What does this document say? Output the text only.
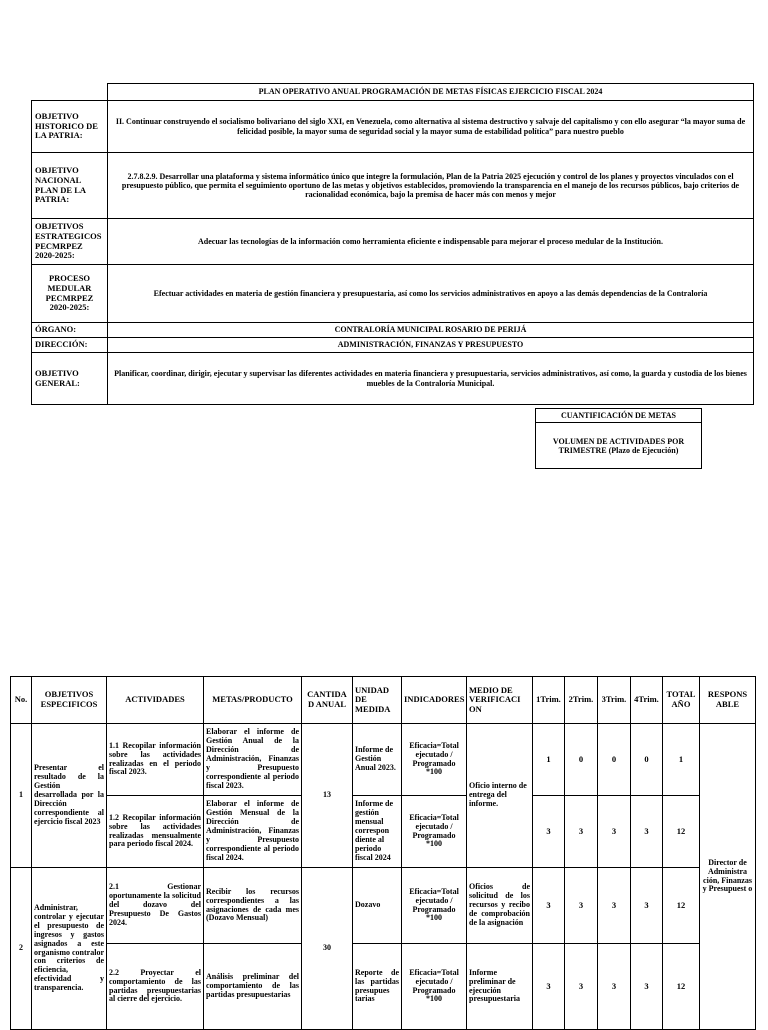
	PLAN OPERATIVO ANUAL PROGRAMACIÓN DE METAS FÍSICAS EJERCICIO FISCAL 2024
OBJETIVO HISTORICO DE LA PATRIA:	II. Continuar construyendo el socialismo bolivariano del siglo XXI, en Venezuela, como alternativa al sistema destructivo y salvaje del capitalismo y con ello asegurar “la mayor suma de felicidad posible, la mayor suma de seguridad social y la mayor suma de estabilidad política” para nuestro pueblo
OBJETIVO NACIONAL PLAN DE LA PATRIA:	2.7.8.2.9. Desarrollar una plataforma y sistema informático único que integre la formulación, Plan de la Patria 2025 ejecución y control de los planes y proyectos vinculados con el presupuesto público, que permita el seguimiento oportuno de las metas y objetivos establecidos, promoviendo la transparencia en el manejo de los recursos públicos, bajo criterios de racionalidad económica, bajo la premisa de hacer más con menos y mejor
OBJETIVOS ESTRATEGICOS PECMRPEZ 2020-2025:	Adecuar las tecnologías de la información como herramienta eficiente e indispensable para mejorar el proceso medular de la Institución.
PROCESO MEDULAR PECMRPEZ 2020-2025:	Efectuar actividades en materia de gestión financiera y presupuestaria, así como los servicios administrativos en apoyo a las demás dependencias de la Contraloría
ÓRGANO:	CONTRALORÍA MUNICIPAL ROSARIO DE PERIJÁ
DIRECCIÓN:	ADMINISTRACIÓN, FINANZAS Y PRESUPUESTO
OBJETIVO GENERAL:	Planificar, coordinar, dirigir, ejecutar y supervisar las diferentes actividades en materia financiera y presupuestaria, servicios administrativos, así como, la guarda y custodia de los bienes muebles de la Contraloría Municipal.
CUANTIFICACIÓN DE METAS
VOLUMEN DE ACTIVIDADES POR TRIMESTRE (Plazo de Ejecución)
No.	OBJETIVOS ESPECIFICOS	ACTIVIDADES	METAS/PRODUCTO	CANTIDA D ANUAL	UNIDAD DE MEDIDA	INDICADORES	MEDIO DE VERIFICACI ON	1Trim.	2Trim.	3Trim.	4Trim.	TOTAL AÑO	RESPONS ABLE
1	Presentar el resultado de la Gestión desarrollada por la Dirección correspondiente al ejercicio fiscal 2023	1.1 Recopilar información sobre las actividades realizadas en el periodo fiscal 2023.	Elaborar el informe de Gestión Anual de la Dirección de Administración, Finanzas y Presupuesto correspondiente al periodo fiscal 2023.	13	Informe de Gestión Anual 2023.	Eficacia=Total ejecutado / Programado *100	Oficio interno de entrega del informe.	1	0	0	0	1	Director de Administra ción, Finanzas y Presupuest o
		1.2 Recopilar información sobre las actividades realizadas mensualmente para periodo fiscal 2024.	Elaborar el informe de Gestión Mensual de la Dirección de Administración, Finanzas y Presupuesto correspondiente al periodo fiscal 2024.		Informe de gestión mensual correspon diente al periodo fiscal 2024	Eficacia=Total ejecutado / Programado *100		3	3	3	3	12	
2	Administrar, controlar y ejecutar el presupuesto de ingresos y gastos asignados a este organismo contralor con criterios de eficiencia, efectividad y transparencia.	2.1 Gestionar oportunamente la solicitud del dozavo del Presupuesto De Gastos 2024.	Recibir los recursos correspondientes a las asignaciones de cada mes (Dozavo Mensual)	30	Dozavo	Eficacia=Total ejecutado / Programado *100	Oficios de solicitud de los recursos y recibo de comprobación de la asignación	3	3	3	3	12	
		2.2 Proyectar el comportamiento de las partidas presupuestarias al cierre del ejercicio.	Análisis preliminar del comportamiento de las partidas presupuestarias		Reporte de las partidas presupues tarias	Eficacia=Total ejecutado / Programado *100	Informe preliminar de ejecución presupuestaria	3	3	3	3	12	
